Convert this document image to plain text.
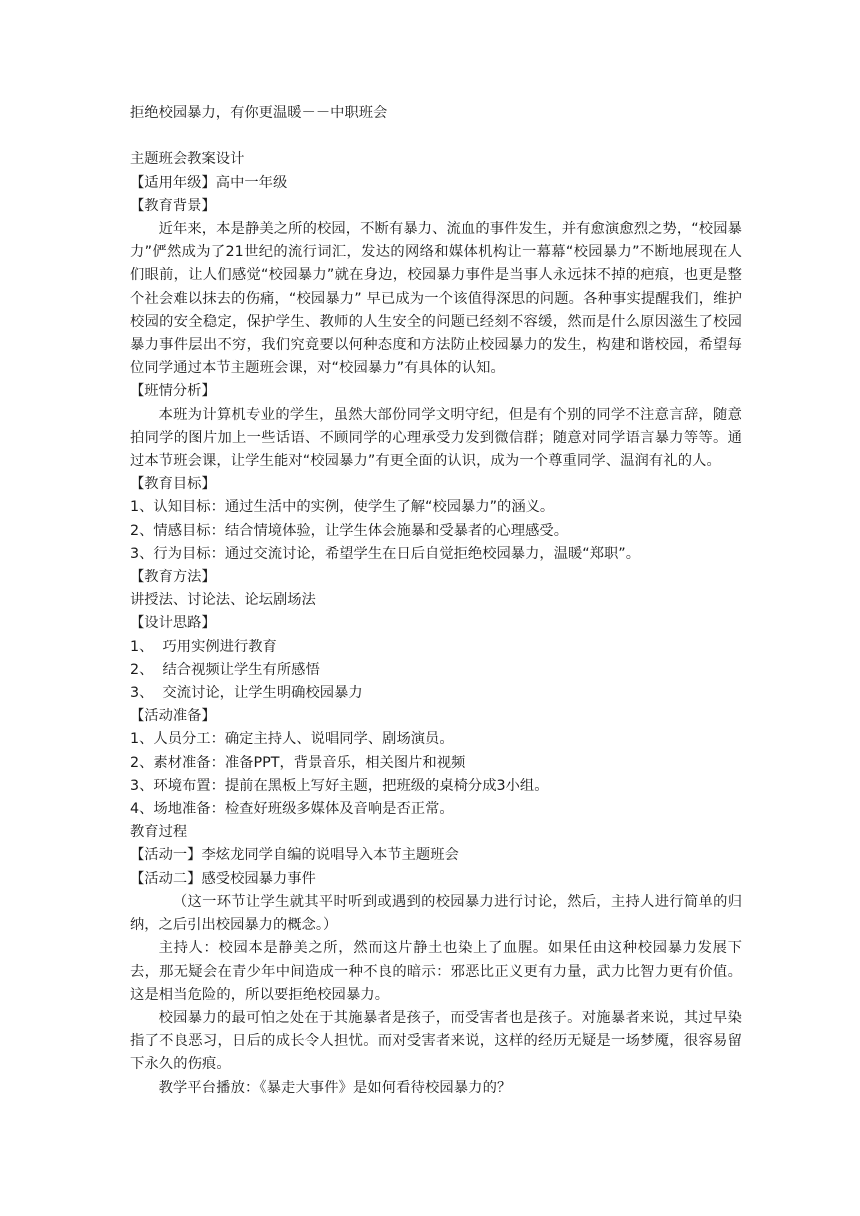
拒绝校园暴力，有你更温暖－－中职班会

主题班会教案设计

【适用年级】高中一年级

【教育背景】

近年来，本是静美之所的校园，不断有暴力、流血的事件发生，并有愈演愈烈之势，“校园暴力”俨然成为了21世纪的流行词汇，发达的网络和媒体机构让一幕幕“校园暴力”不断地展现在人们眼前，让人们感觉“校园暴力”就在身边，校园暴力事件是当事人永远抹不掉的疤痕，也更是整个社会难以抹去的伤痛，“校园暴力” 早已成为一个该值得深思的问题。各种事实提醒我们，维护校园的安全稳定，保护学生、教师的人生安全的问题已经刻不容缓，然而是什么原因滋生了校园暴力事件层出不穷，我们究竟要以何种态度和方法防止校园暴力的发生，构建和谐校园，希望每位同学通过本节主题班会课，对“校园暴力”有具体的认知。

【班情分析】

本班为计算机专业的学生，虽然大部份同学文明守纪，但是有个别的同学不注意言辞，随意拍同学的图片加上一些话语、不顾同学的心理承受力发到微信群；随意对同学语言暴力等等。通过本节班会课，让学生能对“校园暴力”有更全面的认识，成为一个尊重同学、温润有礼的人。

【教育目标】

1、认知目标：通过生活中的实例，使学生了解“校园暴力”的涵义。

2、情感目标：结合情境体验，让学生体会施暴和受暴者的心理感受。

3、行为目标：通过交流讨论，希望学生在日后自觉拒绝校园暴力，温暖“郑职”。

【教育方法】

讲授法、讨论法、论坛剧场法

【设计思路】

1、  巧用实例进行教育

2、  结合视频让学生有所感悟

3、  交流讨论，让学生明确校园暴力

【活动准备】

1、人员分工：确定主持人、说唱同学、剧场演员。

2、素材准备：准备PPT，背景音乐，相关图片和视频

3、环境布置：提前在黑板上写好主题，把班级的桌椅分成3小组。

4、场地准备：检查好班级多媒体及音响是否正常。

教育过程

【活动一】李炫龙同学自编的说唱导入本节主题班会

【活动二】感受校园暴力事件

（这一环节让学生就其平时听到或遇到的校园暴力进行讨论，然后，主持人进行简单的归纳，之后引出校园暴力的概念。）

主持人：校园本是静美之所，然而这片静土也染上了血腥。如果任由这种校园暴力发展下去，那无疑会在青少年中间造成一种不良的暗示：邪恶比正义更有力量，武力比智力更有价值。这是相当危险的，所以要拒绝校园暴力。

校园暴力的最可怕之处在于其施暴者是孩子，而受害者也是孩子。对施暴者来说，其过早染指了不良恶习，日后的成长令人担忧。而对受害者来说，这样的经历无疑是一场梦魇，很容易留下永久的伤痕。

教学平台播放：《暴走大事件》是如何看待校园暴力的？
